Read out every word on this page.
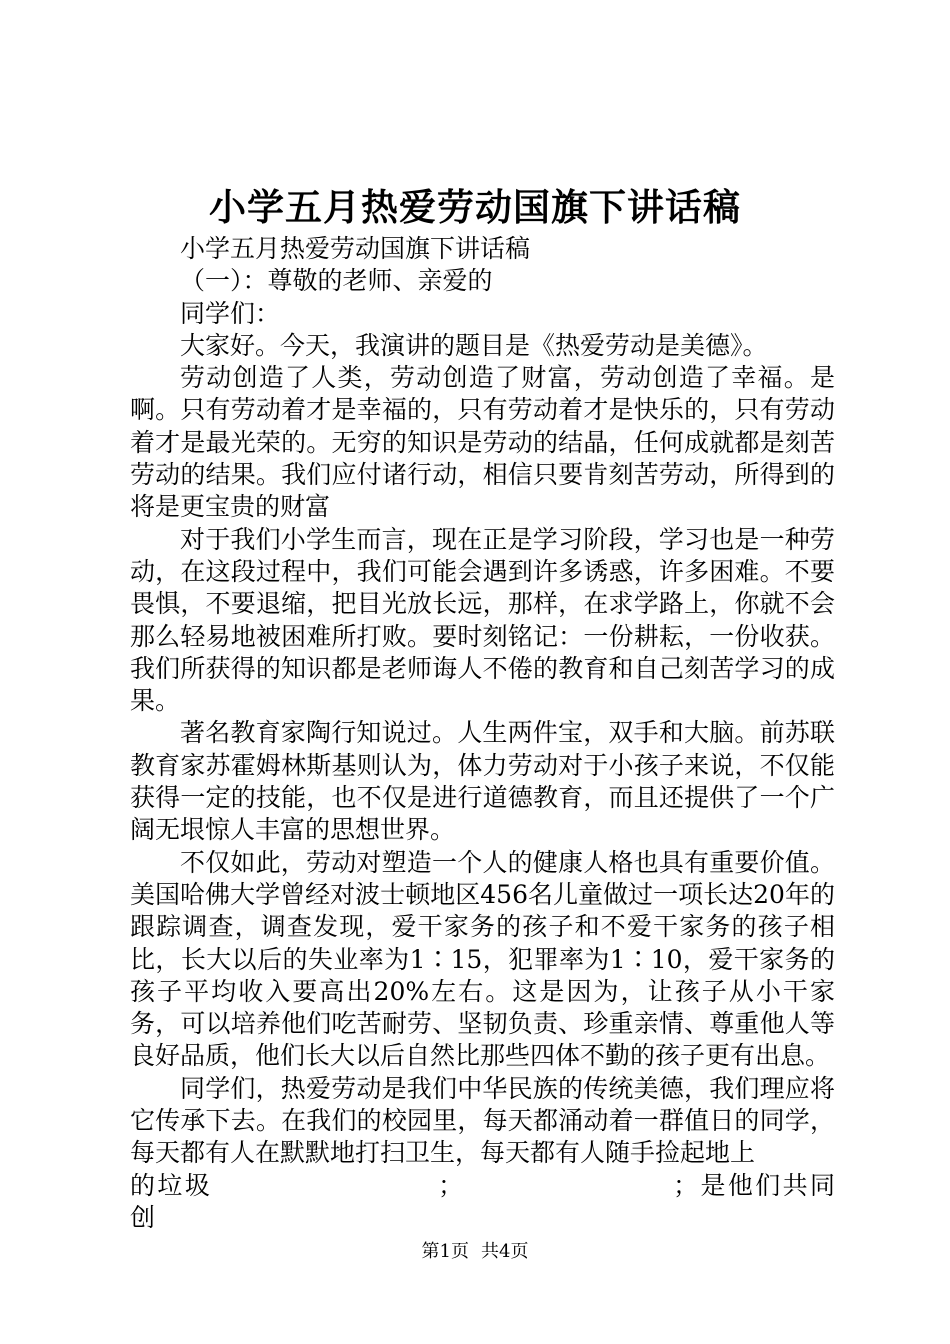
小学五月热爱劳动国旗下讲话稿

小学五月热爱劳动国旗下讲话稿

（一）：尊敬的老师、亲爱的

同学们：

大家好。今天，我演讲的题目是《热爱劳动是美德》。

劳动创造了人类，劳动创造了财富，劳动创造了幸福。是啊。只有劳动着才是幸福的，只有劳动着才是快乐的，只有劳动着才是最光荣的。无穷的知识是劳动的结晶，任何成就都是刻苦劳动的结果。我们应付诸行动，相信只要肯刻苦劳动，所得到的将是更宝贵的财富

对于我们小学生而言，现在正是学习阶段，学习也是一种劳动，在这段过程中，我们可能会遇到许多诱惑，许多困难。不要畏惧，不要退缩，把目光放长远，那样，在求学路上，你就不会那么轻易地被困难所打败。要时刻铭记：一份耕耘，一份收获。我们所获得的知识都是老师诲人不倦的教育和自己刻苦学习的成果。

著名教育家陶行知说过。人生两件宝，双手和大脑。前苏联教育家苏霍姆林斯基则认为，体力劳动对于小孩子来说，不仅能获得一定的技能，也不仅是进行道德教育，而且还提供了一个广阔无垠惊人丰富的思想世界。

不仅如此，劳动对塑造一个人的健康人格也具有重要价值。美国哈佛大学曾经对波士顿地区456名儿童做过一项长达20年的跟踪调查，调查发现，爱干家务的孩子和不爱干家务的孩子相比，长大以后的失业率为1∶15，犯罪率为1∶10，爱干家务的孩子平均收入要高出20%左右。这是因为，让孩子从小干家务，可以培养他们吃苦耐劳、坚韧负责、珍重亲情、尊重他人等良好品质，他们长大以后自然比那些四体不勤的孩子更有出息。

同学们，热爱劳动是我们中华民族的传统美德，我们理应将它传承下去。在我们的校园里，每天都涌动着一群值日的同学，每天都有人在默默地打扫卫生，每天都有人随手捡起地上

的垃圾	；	；是他们共同创

第1页 共4页
